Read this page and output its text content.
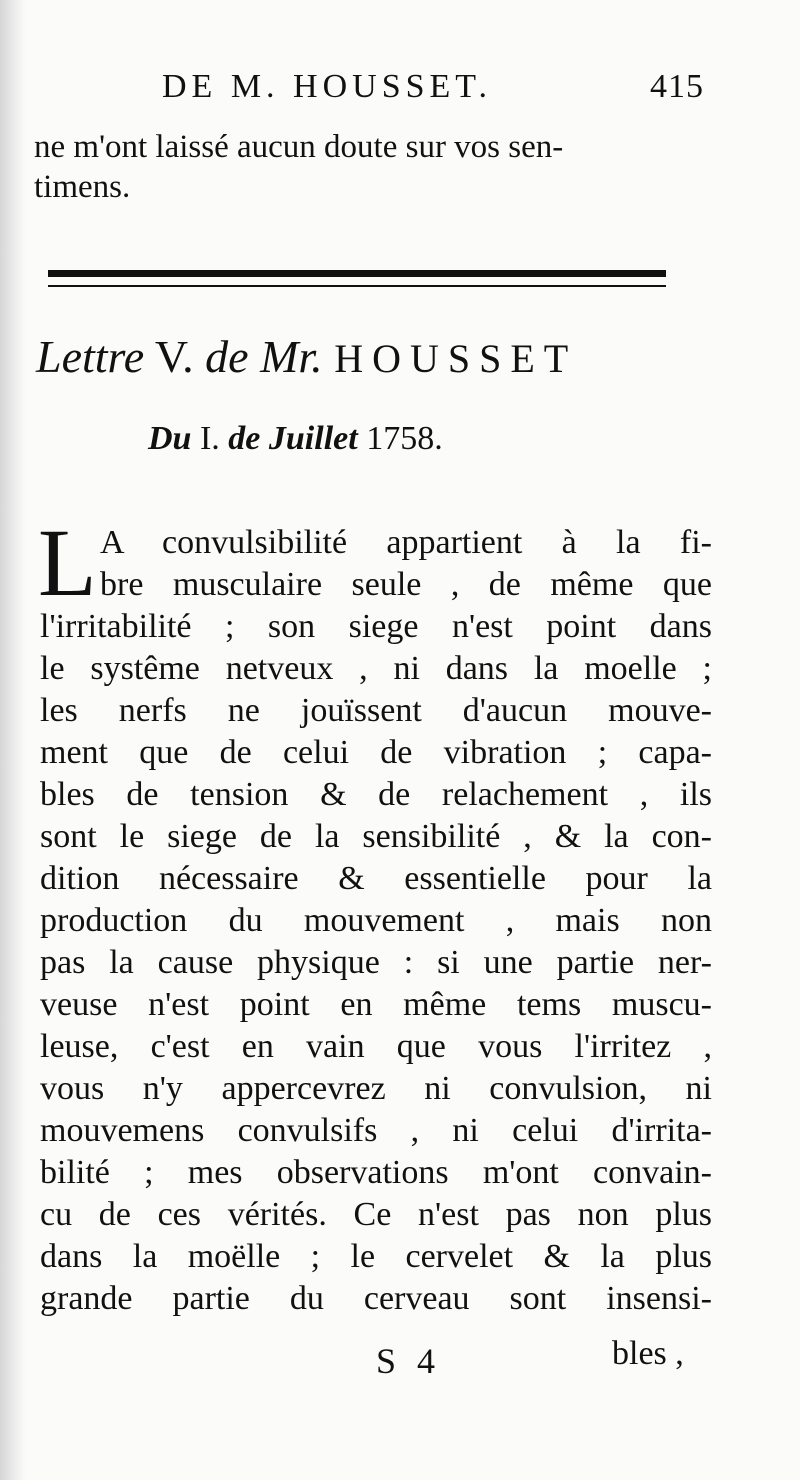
DE M. HOUSSET.	415
ne m'ont laissé aucun doute sur vos sen-
timens.
Lettre V. de Mr. HOUSSET
Du I. de Juillet 1758.
L A convulsibilité appartient à la fi-
bre musculaire seule , de même que
l'irritabilité ; son siege n'est point dans
le systême netveux , ni dans la moelle ;
les nerfs ne jouïssent d'aucun mouve-
ment que de celui de vibration ; capa-
bles de tension & de relachement , ils
sont le siege de la sensibilité , & la con-
dition nécessaire & essentielle pour la
production du mouvement , mais non
pas la cause physique : si une partie ner-
veuse n'est point en même tems muscu-
leuse, c'est en vain que vous l'irritez ,
vous n'y appercevrez ni convulsion, ni
mouvemens convulsifs , ni celui d'irrita-
bilité ; mes observations m'ont convain-
cu de ces vérités. Ce n'est pas non plus
dans la moëlle ; le cervelet & la plus
grande partie du cerveau sont insensi-
S 4	bles ,
